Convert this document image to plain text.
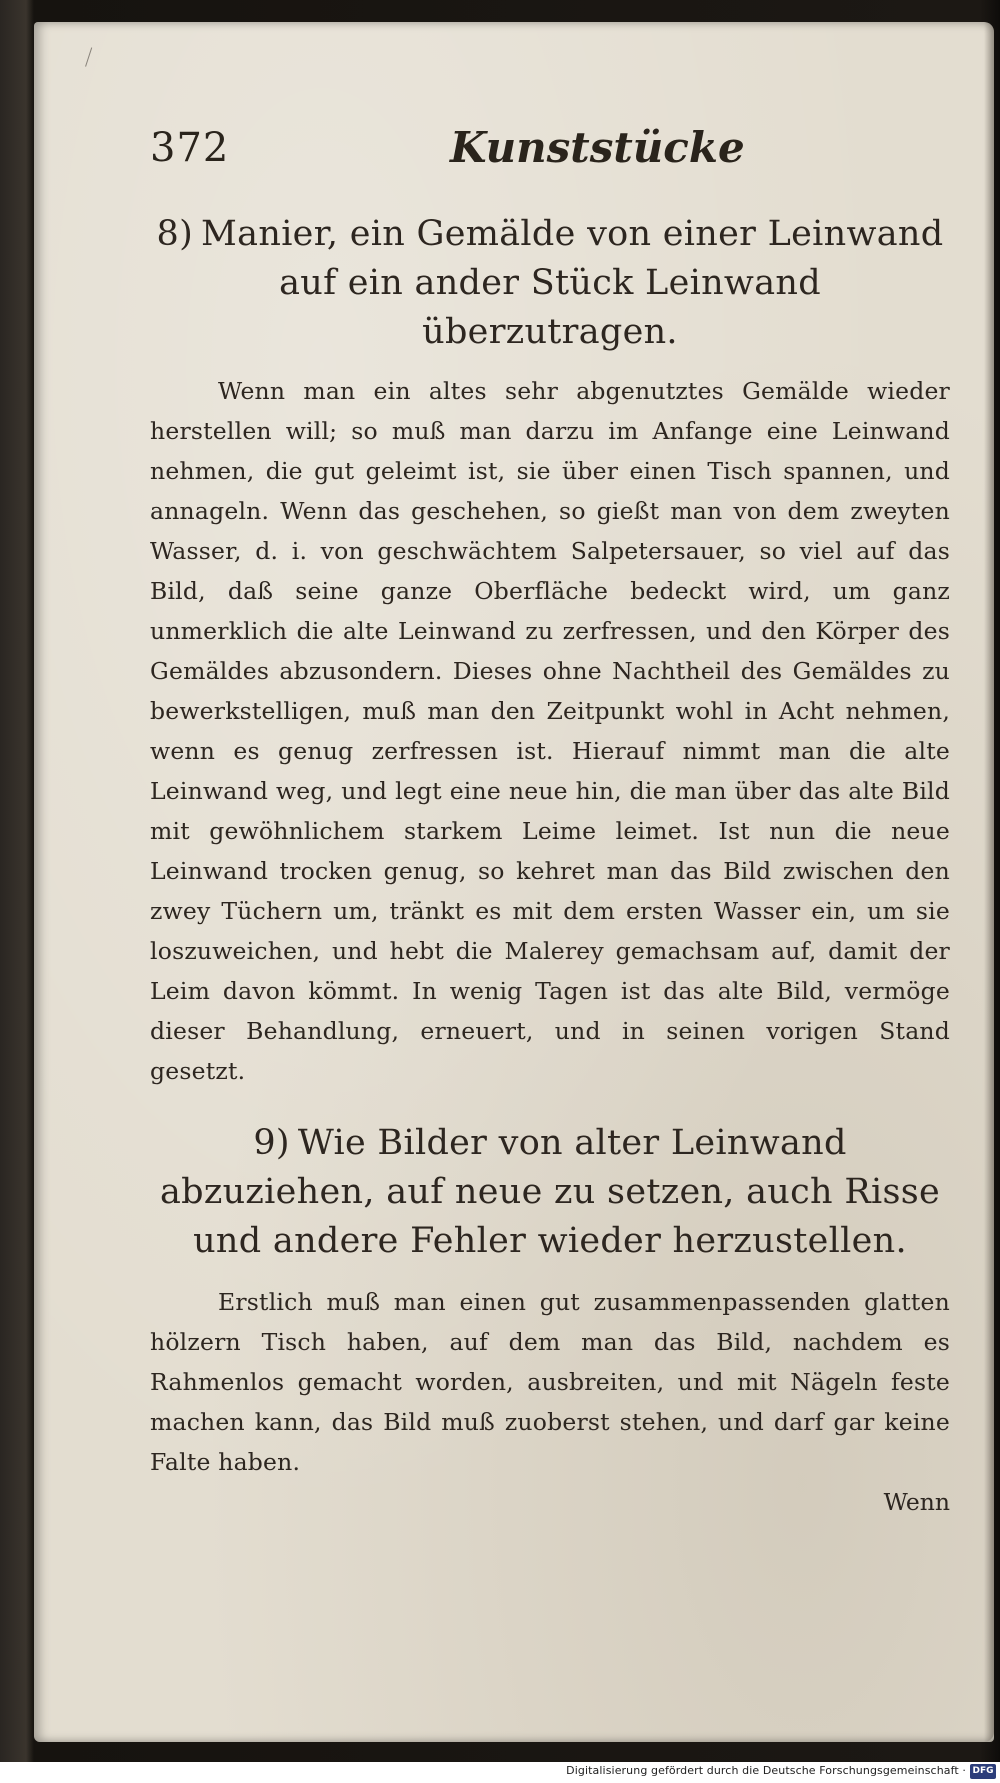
372	Kunststücke
8) Manier, ein Gemälde von einer Leinwand auf ein ander Stück Leinwand überzutragen.

Wenn man ein altes sehr abgenutztes Gemälde wieder herstellen will; so muß man darzu im Anfange eine Leinwand nehmen, die gut geleimt ist, sie über einen Tisch spannen, und annageln. Wenn das geschehen, so gießt man von dem zweyten Wasser, d. i. von geschwächtem Salpetersauer, so viel auf das Bild, daß seine ganze Oberfläche bedeckt wird, um ganz unmerklich die alte Leinwand zu zerfressen, und den Körper des Gemäldes abzusondern. Dieses ohne Nachtheil des Gemäldes zu bewerkstelligen, muß man den Zeitpunkt wohl in Acht nehmen, wenn es genug zerfressen ist. Hierauf nimmt man die alte Leinwand weg, und legt eine neue hin, die man über das alte Bild mit gewöhnlichem starkem Leime leimet. Ist nun die neue Leinwand trocken genug, so kehret man das Bild zwischen den zwey Tüchern um, tränkt es mit dem ersten Wasser ein, um sie loszuweichen, und hebt die Malerey gemachsam auf, damit der Leim davon kömmt. In wenig Tagen ist das alte Bild, vermöge dieser Behandlung, erneuert, und in seinen vorigen Stand gesetzt.

9) Wie Bilder von alter Leinwand abzuziehen, auf neue zu setzen, auch Risse und andere Fehler wieder herzustellen.

Erstlich muß man einen gut zusammenpassenden glatten hölzern Tisch haben, auf dem man das Bild, nachdem es Rahmenlos gemacht worden, ausbreiten, und mit Nägeln feste machen kann, das Bild muß zuoberst stehen, und darf gar keine Falte haben.

Wenn
Digitalisierung gefördert durch die Deutsche Forschungsgemeinschaft · DFG
